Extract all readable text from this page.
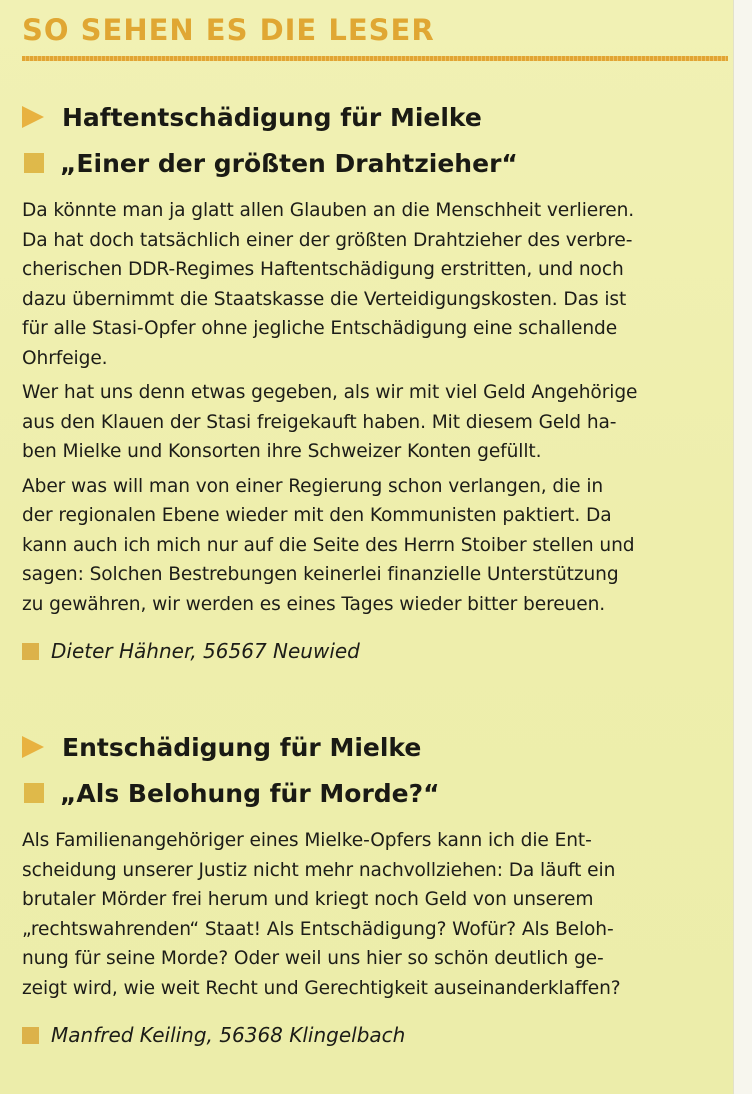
SO SEHEN ES DIE LESER
Haftentschädigung für Mielke
„Einer der größten Drahtzieher“

Da könnte man ja glatt allen Glauben an die Menschheit verlieren.
Da hat doch tatsächlich einer der größten Drahtzieher des verbre-
cherischen DDR-Regimes Haftentschädigung erstritten, und noch
dazu übernimmt die Staatskasse die Verteidigungskosten. Das ist
für alle Stasi-Opfer ohne jegliche Entschädigung eine schallende
Ohrfeige.

Wer hat uns denn etwas gegeben, als wir mit viel Geld Angehörige
aus den Klauen der Stasi freigekauft haben. Mit diesem Geld ha-
ben Mielke und Konsorten ihre Schweizer Konten gefüllt.

Aber was will man von einer Regierung schon verlangen, die in
der regionalen Ebene wieder mit den Kommunisten paktiert. Da
kann auch ich mich nur auf die Seite des Herrn Stoiber stellen und
sagen: Solchen Bestrebungen keinerlei finanzielle Unterstützung
zu gewähren, wir werden es eines Tages wieder bitter bereuen.

Dieter Hähner, 56567 Neuwied
Entschädigung für Mielke
„Als Belohung für Morde?“

Als Familienangehöriger eines Mielke-Opfers kann ich die Ent-
scheidung unserer Justiz nicht mehr nachvollziehen: Da läuft ein
brutaler Mörder frei herum und kriegt noch Geld von unserem
„rechtswahrenden“ Staat! Als Entschädigung? Wofür? Als Beloh-
nung für seine Morde? Oder weil uns hier so schön deutlich ge-
zeigt wird, wie weit Recht und Gerechtigkeit auseinanderklaffen?

Manfred Keiling, 56368 Klingelbach
